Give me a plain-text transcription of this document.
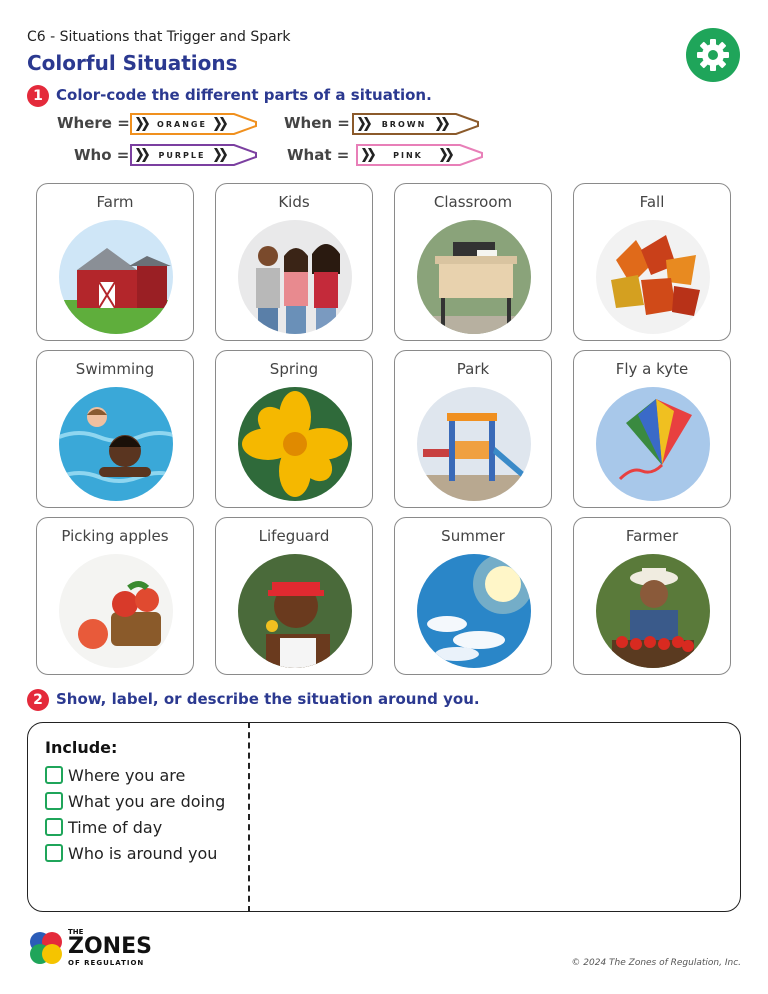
C6 - Situations that Trigger and Spark
Colorful Situations
1 Color-code the different parts of a situation.
Where =	ORANGE	When =	BROWN
Who =	PURPLE	What =	PINK
Farm	Kids	Classroom	Fall
Swimming	Spring	Park	Fly a kyte
Picking apples	Lifeguard	Summer	Farmer
2 Show, label, or describe the situation around you.
Include:
Where you are
What you are doing
Time of day
Who is around you
THE
ZONES
OF REGULATION	© 2024 The Zones of Regulation, Inc.
